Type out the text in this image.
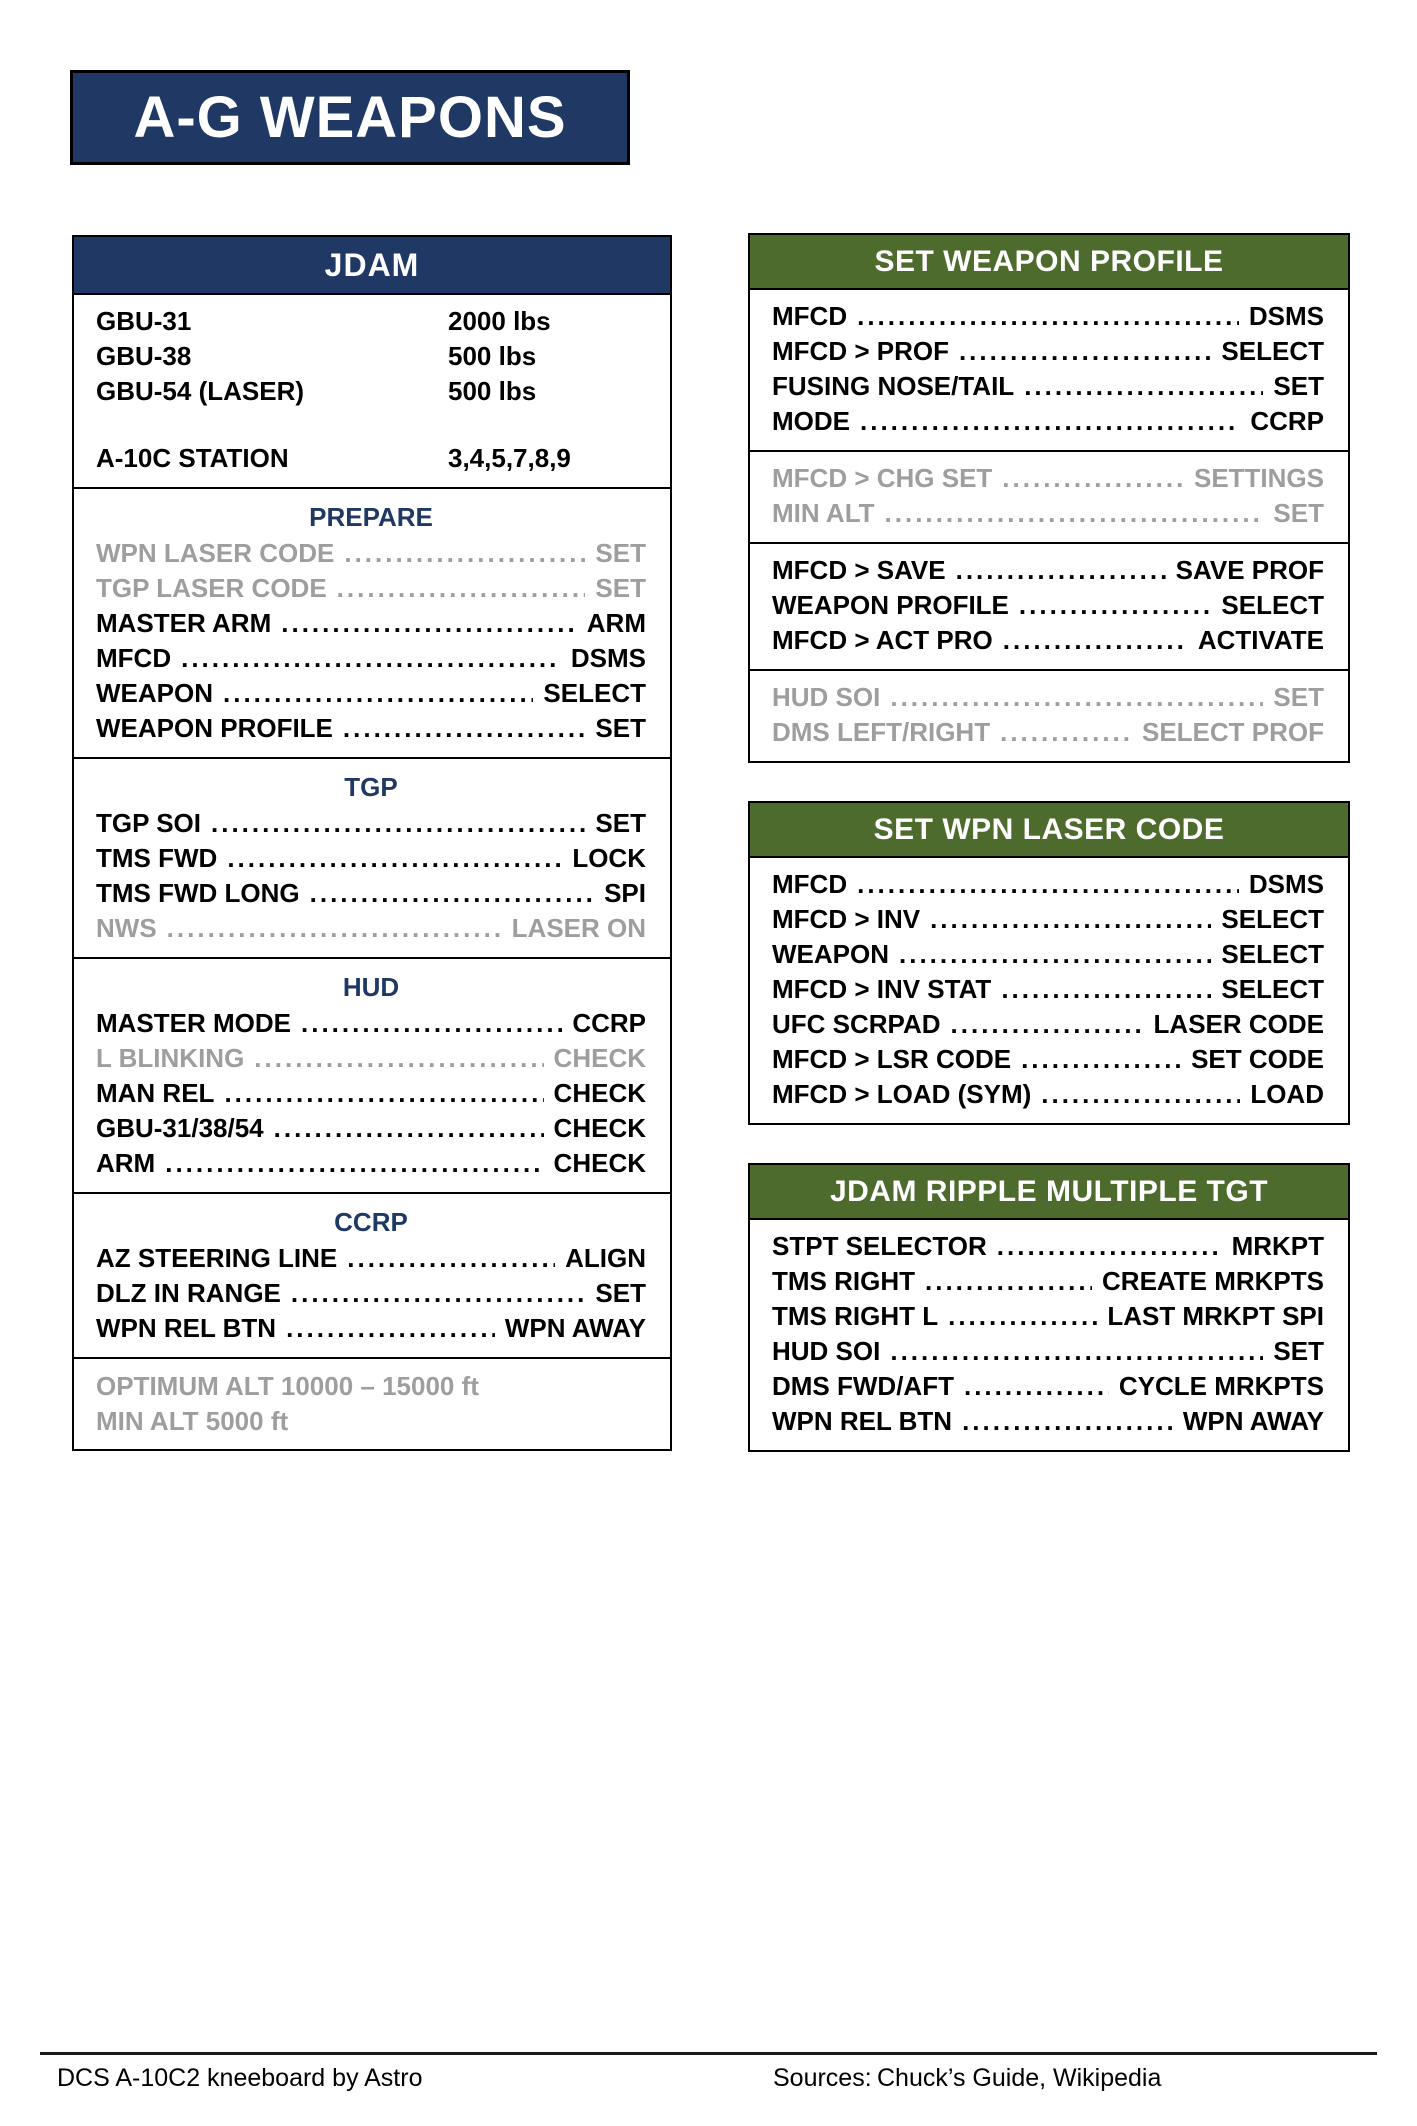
A-G WEAPONS
JDAM
GBU-31	2000 lbs
GBU-38	500 lbs
GBU-54 (LASER)	500 lbs
A-10C STATION	3,4,5,7,8,9
PREPARE
WPN LASER CODE .....	SET
TGP LASER CODE .....	SET
MASTER ARM .....	ARM
MFCD .....	DSMS
WEAPON .....	SELECT
WEAPON PROFILE .....	SET
TGP
TGP SOI .....	SET
TMS FWD .....	LOCK
TMS FWD LONG .....	SPI
NWS .....	LASER ON
HUD
MASTER MODE .....	CCRP
L BLINKING .....	CHECK
MAN REL .....	CHECK
GBU-31/38/54 .....	CHECK
ARM .....	CHECK
CCRP
AZ STEERING LINE .....	ALIGN
DLZ IN RANGE .....	SET
WPN REL BTN .....	WPN AWAY
OPTIMUM ALT 10000 – 15000 ft
MIN ALT 5000 ft
SET WEAPON PROFILE
MFCD .....	DSMS
MFCD > PROF .....	SELECT
FUSING NOSE/TAIL .....	SET
MODE .....	CCRP
MFCD > CHG SET .....	SETTINGS
MIN ALT .....	SET
MFCD > SAVE .....	SAVE PROF
WEAPON PROFILE .....	SELECT
MFCD > ACT PRO .....	ACTIVATE
HUD SOI .....	SET
DMS LEFT/RIGHT .....	SELECT PROF
SET WPN LASER CODE
MFCD .....	DSMS
MFCD > INV .....	SELECT
WEAPON .....	SELECT
MFCD > INV STAT .....	SELECT
UFC SCRPAD .....	LASER CODE
MFCD > LSR CODE .....	SET CODE
MFCD > LOAD (SYM) .....	LOAD
JDAM RIPPLE MULTIPLE TGT
STPT SELECTOR .....	MRKPT
TMS RIGHT .....	CREATE MRKPTS
TMS RIGHT L .....	LAST MRKPT SPI
HUD SOI .....	SET
DMS FWD/AFT .....	CYCLE MRKPTS
WPN REL BTN .....	WPN AWAY
DCS A-10C2 kneeboard by Astro	Sources: Chuck’s Guide, Wikipedia
